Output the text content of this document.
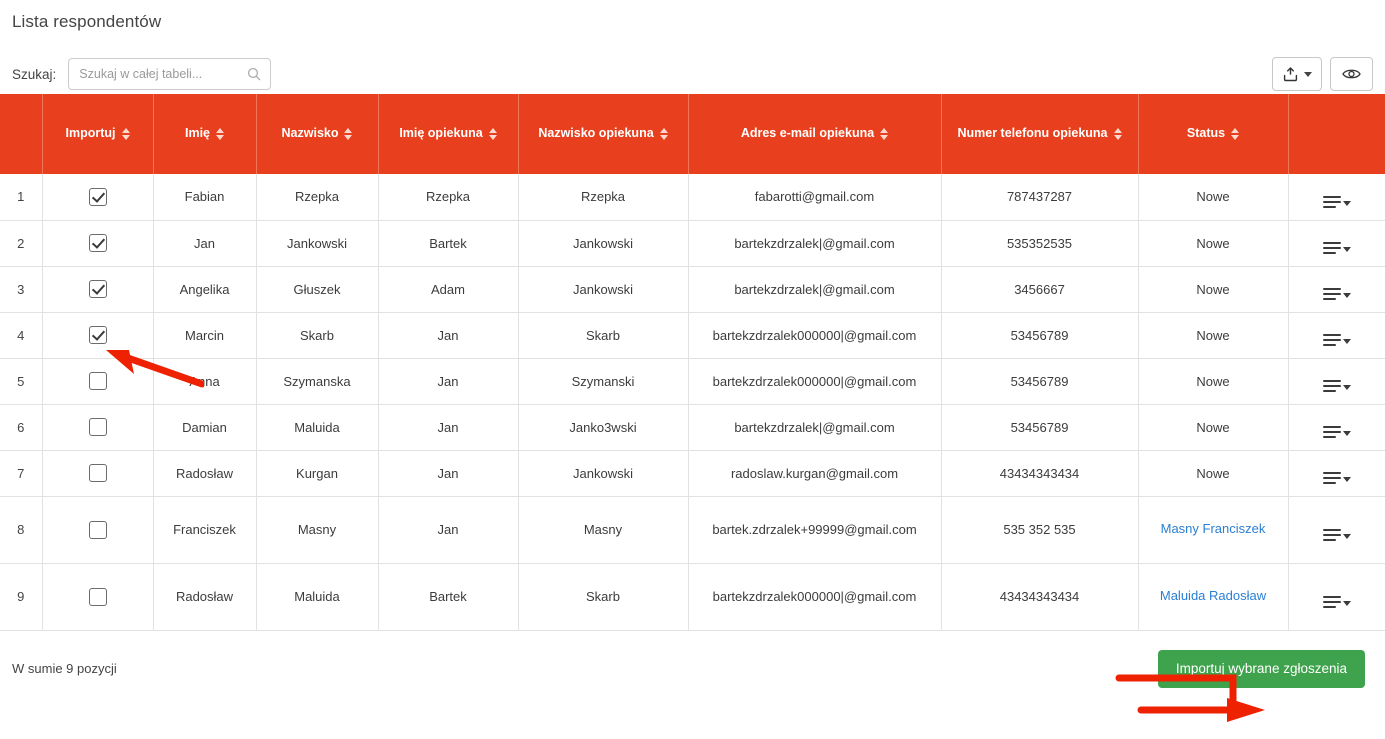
Lista respondentów
Szukaj:
Szukaj w całej tabeli...

	Importuj	Imię	Nazwisko	Imię opiekuna	Nazwisko opiekuna	Adres e-mail opiekuna	Numer telefonu opiekuna	Status	

1		Fabian	Rzepka	Rzepka	Rzepka	fabarotti@gmail.com	787437287	Nowe	

2		Jan	Jankowski	Bartek	Jankowski	bartekzdrzalek|@gmail.com	535352535	Nowe	

3		Angelika	Głuszek	Adam	Jankowski	bartekzdrzalek|@gmail.com	3456667	Nowe	

4		Marcin	Skarb	Jan	Skarb	bartekzdrzalek000000|@gmail.com	53456789	Nowe	

5		Anna	Szymanska	Jan	Szymanski	bartekzdrzalek000000|@gmail.com	53456789	Nowe	

6		Damian	Maluida	Jan	Janko3wski	bartekzdrzalek|@gmail.com	53456789	Nowe	

7		Radosław	Kurgan	Jan	Jankowski	radoslaw.kurgan@gmail.com	43434343434	Nowe	

8		Franciszek	Masny	Jan	Masny	bartek.zdrzalek+99999@gmail.com	535 352 535	Masny Franciszek	

9		Radosław	Maluida	Bartek	Skarb	bartekzdrzalek000000|@gmail.com	43434343434	Maluida Radosław	

W sumie 9 pozycji	Importuj wybrane zgłoszenia
